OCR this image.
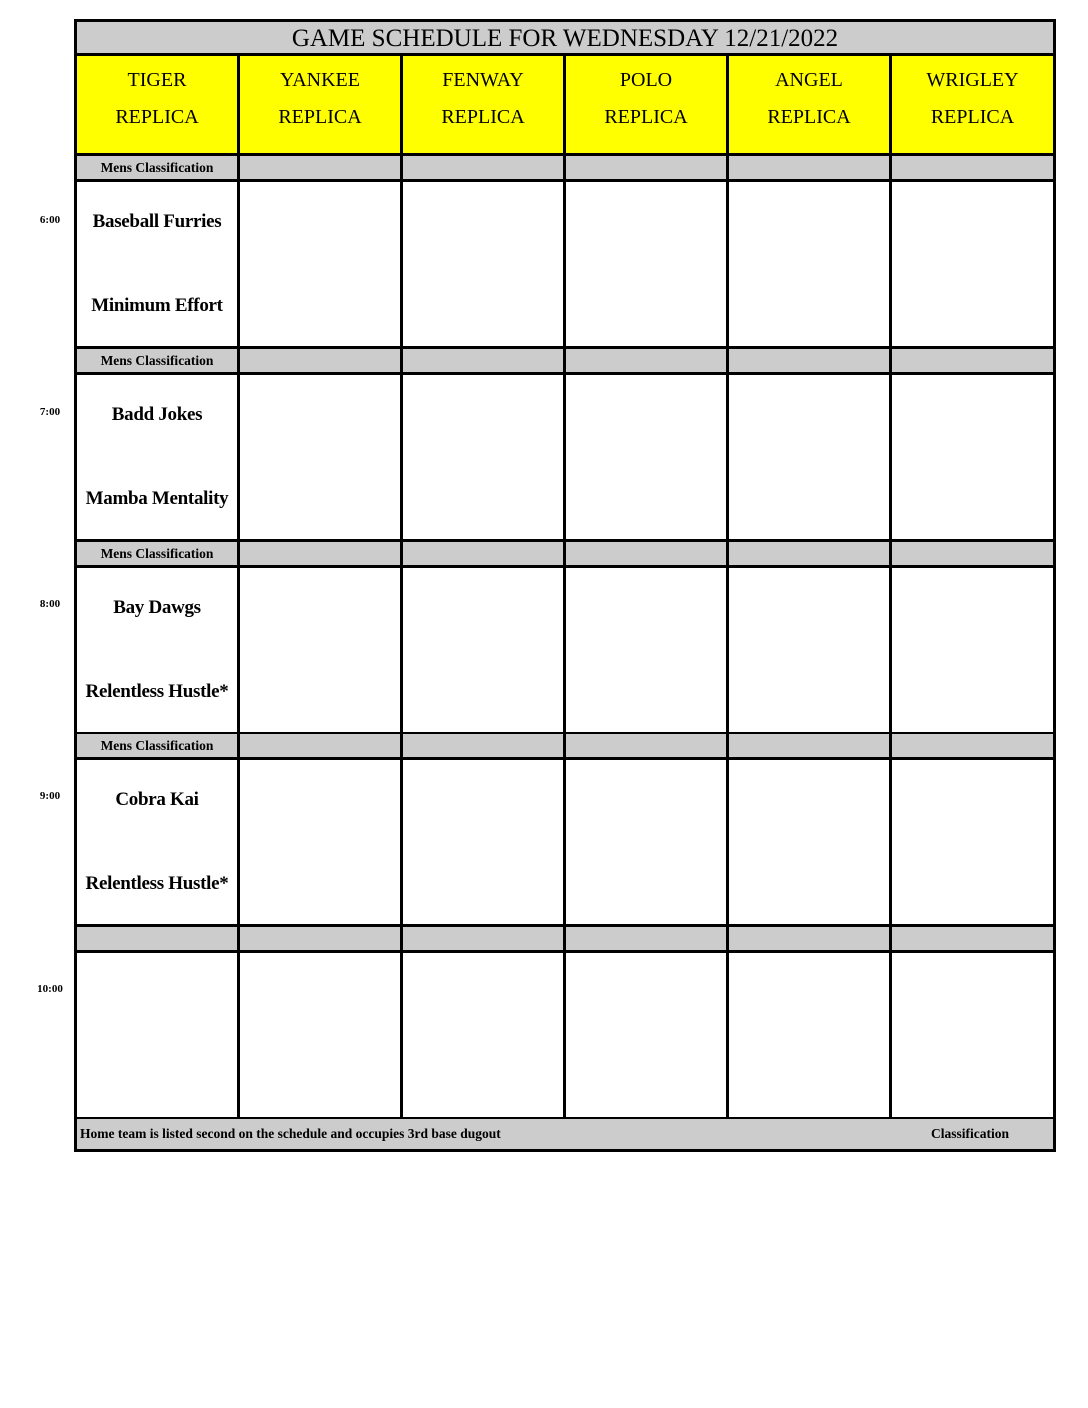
6:00
7:00
8:00
9:00
10:00
GAME SCHEDULE FOR WEDNESDAY 12/21/2022
TIGER
REPLICA
YANKEE
REPLICA
FENWAY
REPLICA
POLO
REPLICA
ANGEL
REPLICA
WRIGLEY
REPLICA
Mens Classification
Baseball Furries
Minimum Effort
Mens Classification
Badd Jokes
Mamba Mentality
Mens Classification
Bay Dawgs
Relentless Hustle*
Mens Classification
Cobra Kai
Relentless Hustle*
Home team is listed second on the schedule and occupies 3rd base dugout	Classification
